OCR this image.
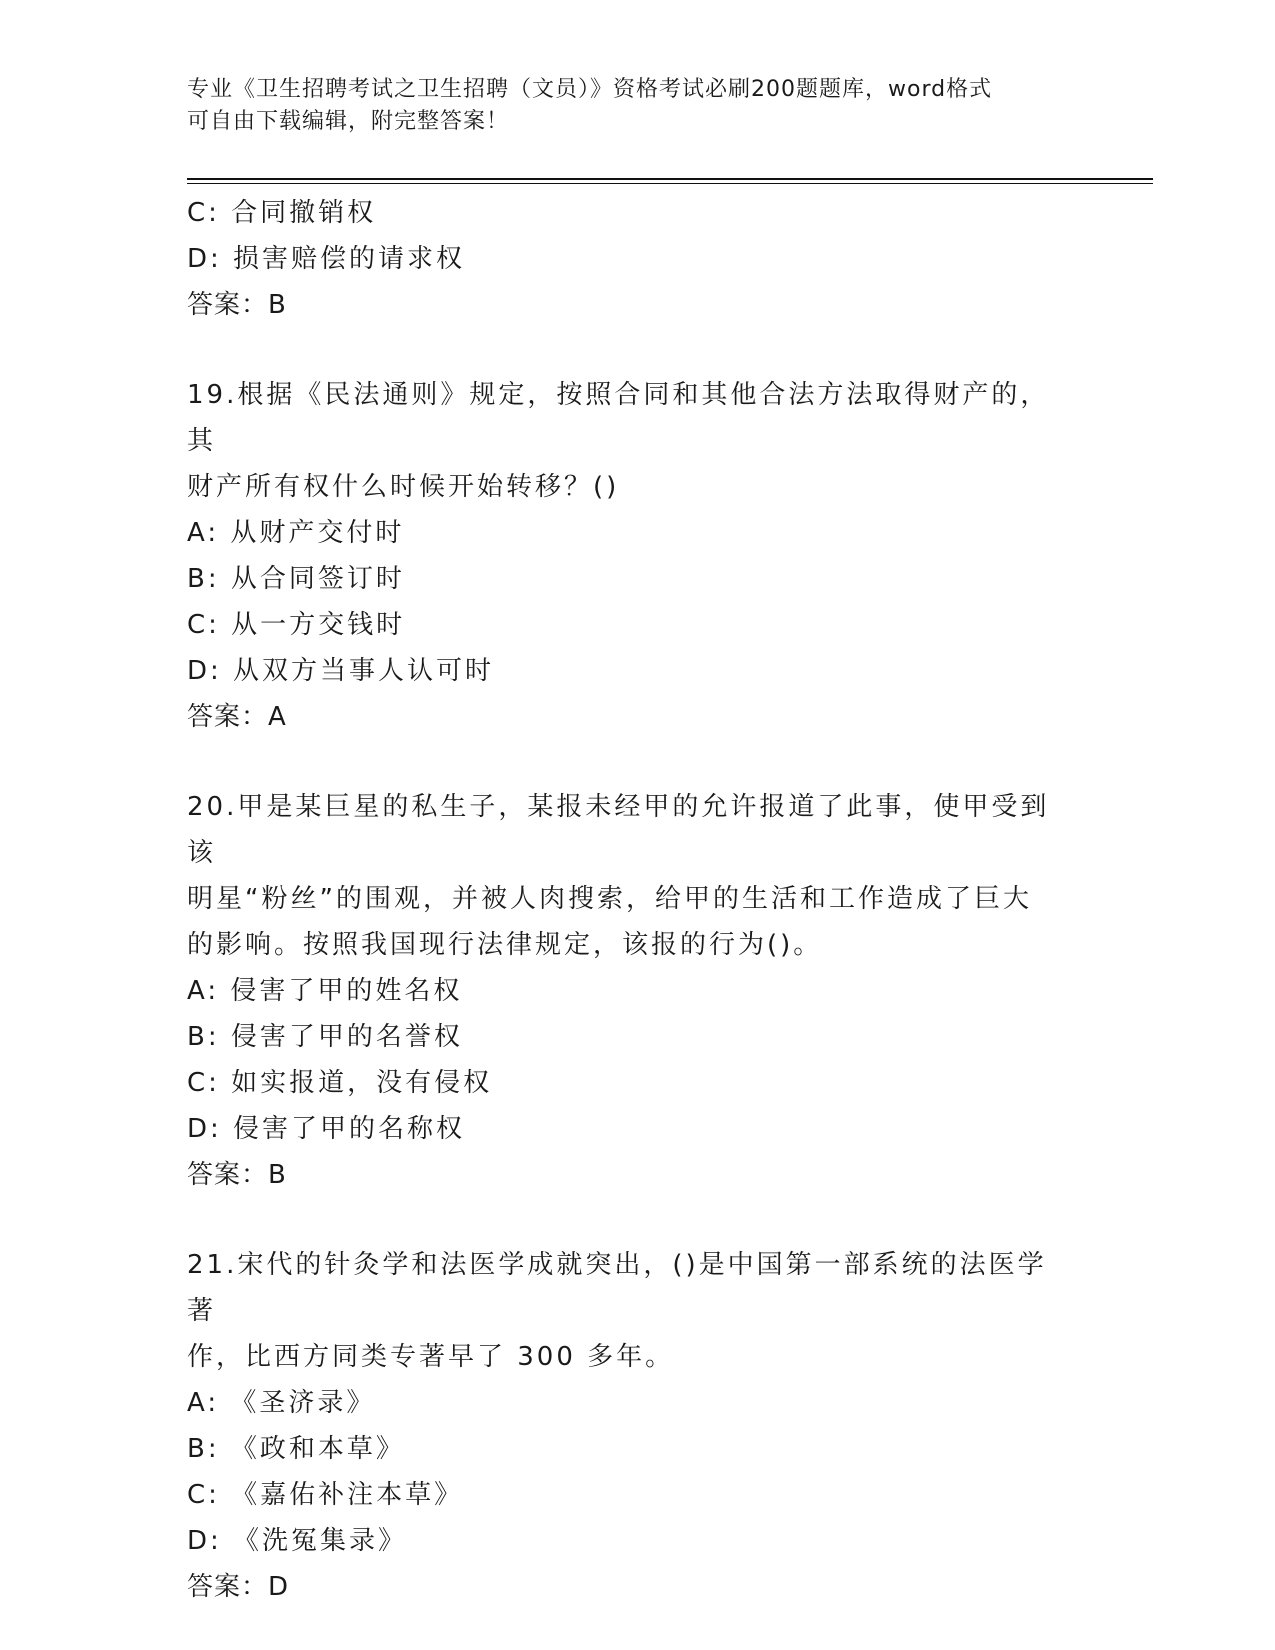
专业《卫生招聘考试之卫生招聘（文员）》资格考试必刷200题题库，word格式
可自由下载编辑，附完整答案！
C: 合同撤销权
D: 损害赔偿的请求权
答案：B
19.根据《民法通则》规定，按照合同和其他合法方法取得财产的，其
财产所有权什么时候开始转移？()
A: 从财产交付时
B: 从合同签订时
C: 从一方交钱时
D: 从双方当事人认可时
答案：A
20.甲是某巨星的私生子，某报未经甲的允许报道了此事，使甲受到该
明星“粉丝”的围观，并被人肉搜索，给甲的生活和工作造成了巨大
的影响。按照我国现行法律规定，该报的行为()。
A: 侵害了甲的姓名权
B: 侵害了甲的名誉权
C: 如实报道，没有侵权
D: 侵害了甲的名称权
答案：B
21.宋代的针灸学和法医学成就突出，()是中国第一部系统的法医学著
作，比西方同类专著早了 300 多年。
A: 《圣济录》
B: 《政和本草》
C: 《嘉佑补注本草》
D: 《洗冤集录》
答案：D
